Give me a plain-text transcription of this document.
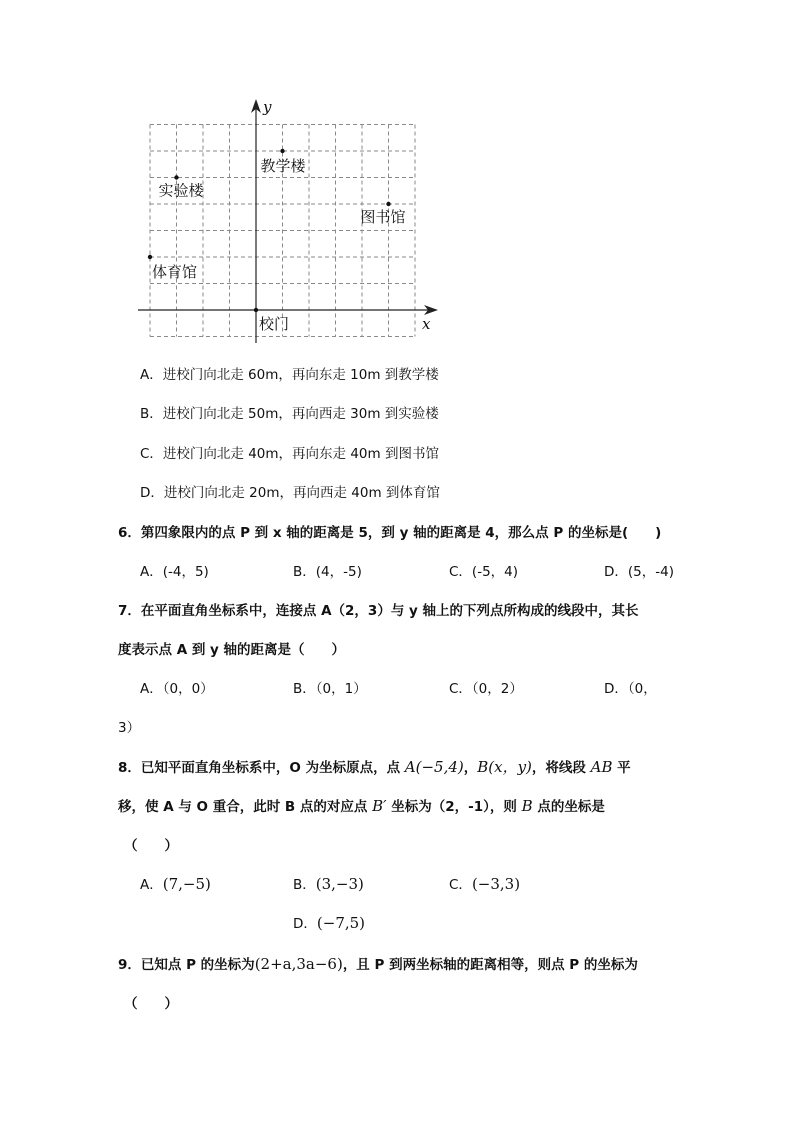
x
y
教学楼
实验楼
图书馆
体育馆
校门
A．进校门向北走 60m，再向东走 10m 到教学楼
B．进校门向北走 50m，再向西走 30m 到实验楼
C．进校门向北走 40m，再向东走 40m 到图书馆
D．进校门向北走 20m，再向西走 40m 到体育馆
6．第四象限内的点 P 到 x 轴的距离是 5，到 y 轴的距离是 4，那么点 P 的坐标是(　　)
A．(-4，5)	B．(4，-5)	C．(-5，4)	D．(5，-4)
7．在平面直角坐标系中，连接点 A（2，3）与 y 轴上的下列点所构成的线段中，其长
度表示点 A 到 y 轴的距离是（　　）
A．（0，0）	B．（0，1）	C．（0，2）	D．（0，
3）
8．已知平面直角坐标系中，O 为坐标原点，点 A(−5,4)，B(x，y)，将线段 AB 平
移，使 A 与 O 重合，此时 B 点的对应点 B′ 坐标为（2，-1），则 B 点的坐标是
（　　）
A．(7,−5)	B．(3,−3)	C．(−3,3)
D．(−7,5)
9．已知点 P 的坐标为(2+a,3a−6)，且 P 到两坐标轴的距离相等，则点 P 的坐标为
（　　）
